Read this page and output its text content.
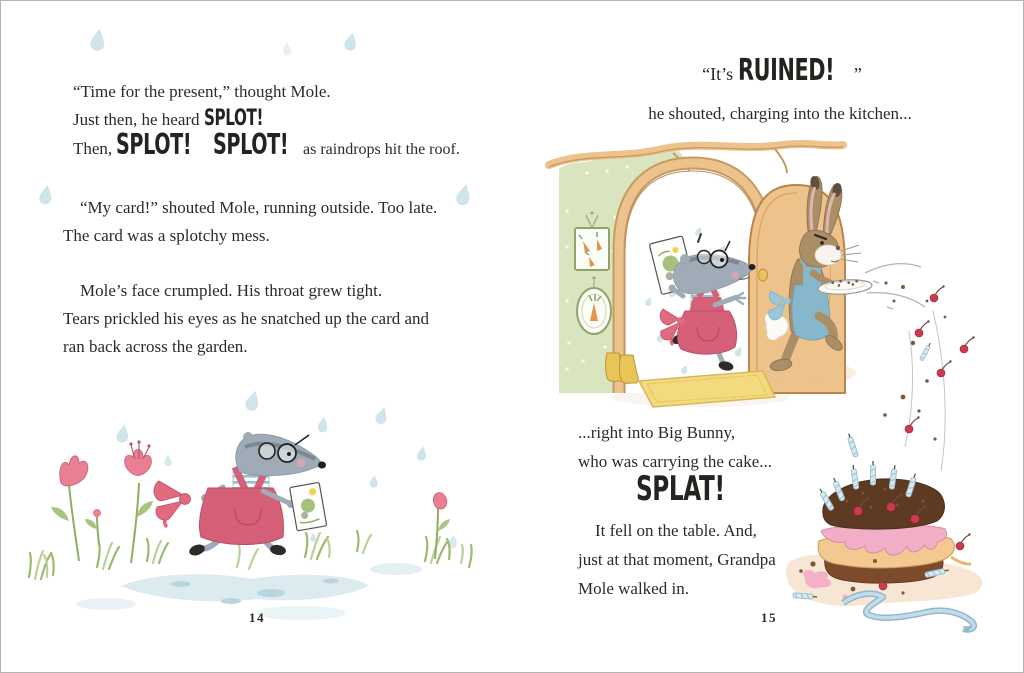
“Time for the present,” thought Mole.
Just then, he heard SPLOT!
Then, SPLOT! SPLOT! as raindrops hit the roof.
“My card!” shouted Mole, running outside. Too late.
The card was a splotchy mess.
Mole’s face crumpled. His throat grew tight.
Tears prickled his eyes as he snatched up the card and
ran back across the garden.
“It’s RUINED! ”
he shouted, charging into the kitchen...
...right into Big Bunny,
who was carrying the cake...
SPLAT!
It fell on the table. And,
just at that moment, Grandpa
Mole walked in.
14	15
